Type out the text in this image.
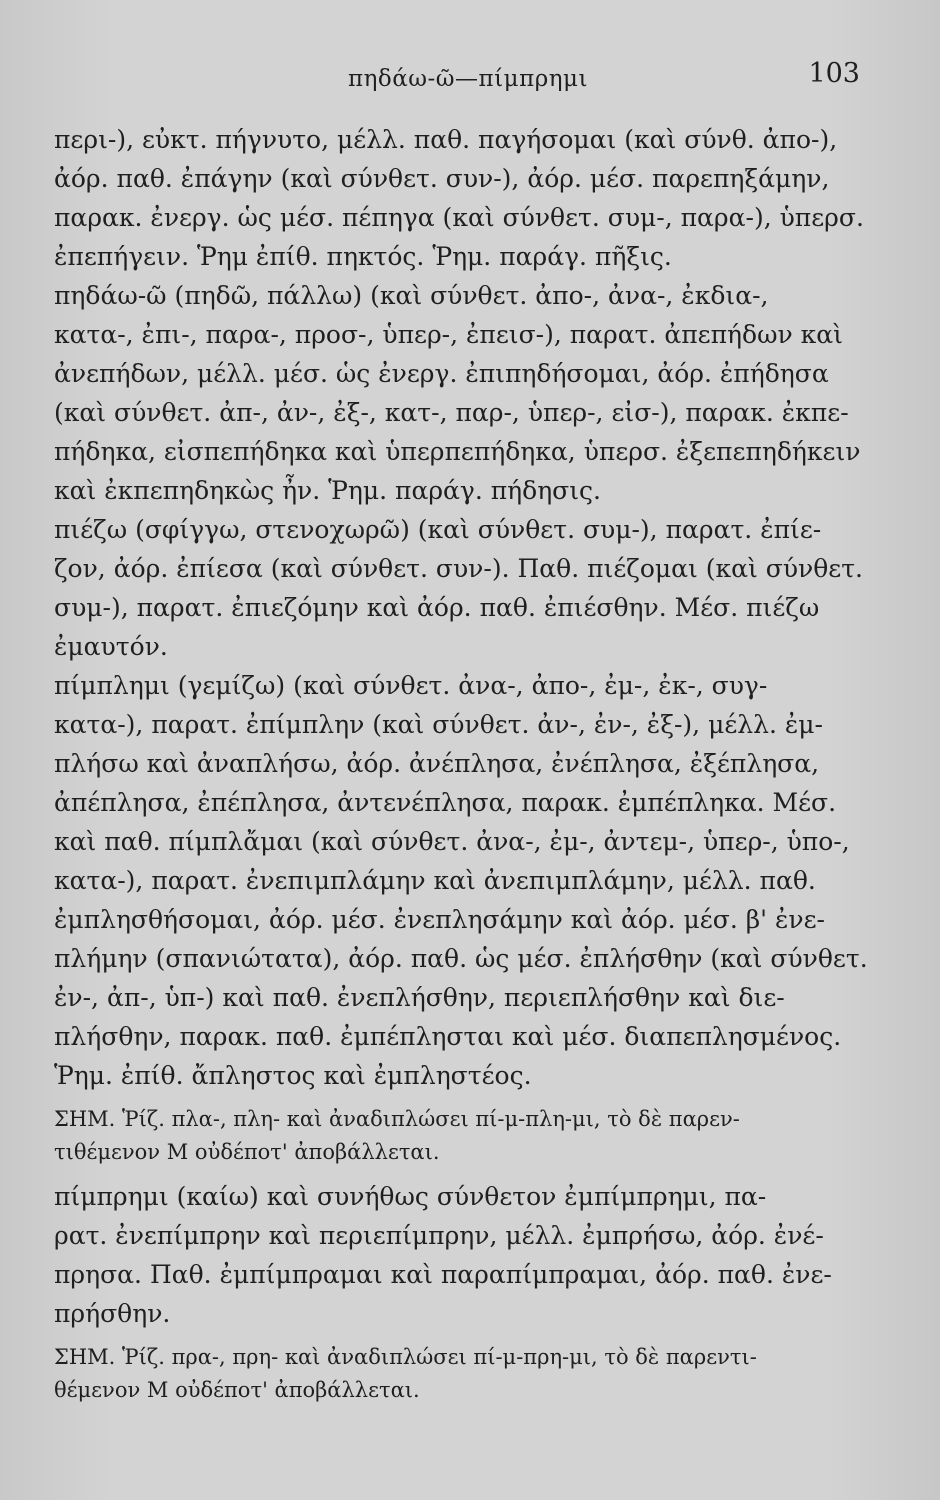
πηδάω-ῶ—πίμπρημι	103
περι-), εὐκτ. πήγνυτο, μέλλ. παθ. παγήσομαι (καὶ σύνθ. ἀπο-),
ἀόρ. παθ. ἐπάγην (καὶ σύνθετ. συν-), ἀόρ. μέσ. παρεπηξάμην,
παρακ. ἐνεργ. ὡς μέσ. πέπηγα (καὶ σύνθετ. συμ-, παρα-), ὑπερσ.
ἐπεπήγειν. Ῥημ ἐπίθ. πηκτός. Ῥημ. παράγ. πῆξις.
πηδάω-ῶ (πηδῶ, πάλλω) (καὶ σύνθετ. ἀπο-, ἀνα-, ἐκδια-,
κατα-, ἐπι-, παρα-, προσ-, ὑπερ-, ἐπεισ-), παρατ. ἀπεπήδων καὶ
ἀνεπήδων, μέλλ. μέσ. ὡς ἐνεργ. ἐπιπηδήσομαι, ἀόρ. ἐπήδησα
(καὶ σύνθετ. ἀπ-, ἀν-, ἐξ-, κατ-, παρ-, ὑπερ-, εἰσ-), παρακ. ἐκπε-
πήδηκα, εἰσπεπήδηκα καὶ ὑπερπεπήδηκα, ὑπερσ. ἐξεπεπηδήκειν
καὶ ἐκπεπηδηκὼς ἦν. Ῥημ. παράγ. πήδησις.
πιέζω (σφίγγω, στενοχωρῶ) (καὶ σύνθετ. συμ-), παρατ. ἐπίε-
ζον, ἀόρ. ἐπίεσα (καὶ σύνθετ. συν-). Παθ. πιέζομαι (καὶ σύνθετ.
συμ-), παρατ. ἐπιεζόμην καὶ ἀόρ. παθ. ἐπιέσθην. Μέσ. πιέζω
ἐμαυτόν.
πίμπλημι (γεμίζω) (καὶ σύνθετ. ἀνα-, ἀπο-, ἐμ-, ἐκ-, συγ-
κατα-), παρατ. ἐπίμπλην (καὶ σύνθετ. ἀν-, ἐν-, ἐξ-), μέλλ. ἐμ-
πλήσω καὶ ἀναπλήσω, ἀόρ. ἀνέπλησα, ἐνέπλησα, ἐξέπλησα,
ἀπέπλησα, ἐπέπλησα, ἀντενέπλησα, παρακ. ἐμπέπληκα. Μέσ.
καὶ παθ. πίμπλἄμαι (καὶ σύνθετ. ἀνα-, ἐμ-, ἀντεμ-, ὑπερ-, ὑπο-,
κατα-), παρατ. ἐνεπιμπλάμην καὶ ἀνεπιμπλάμην, μέλλ. παθ.
ἐμπλησθήσομαι, ἀόρ. μέσ. ἐνεπλησάμην καὶ ἀόρ. μέσ. β' ἐνε-
πλήμην (σπανιώτατα), ἀόρ. παθ. ὡς μέσ. ἐπλήσθην (καὶ σύνθετ.
ἐν-, ἀπ-, ὑπ-) καὶ παθ. ἐνεπλήσθην, περιεπλήσθην καὶ διε-
πλήσθην, παρακ. παθ. ἐμπέπλησται καὶ μέσ. διαπεπλησμένος.
Ῥημ. ἐπίθ. ἄπληστος καὶ ἐμπληστέος.
ΣΗΜ. Ῥίζ. πλα-, πλη- καὶ ἀναδιπλώσει πί-μ-πλη-μι, τὸ δὲ παρεν-
τιθέμενον Μ οὐδέποτ' ἀποβάλλεται.
πίμπρημι (καίω) καὶ συνήθως σύνθετον ἐμπίμπρημι, πα-
ρατ. ἐνεπίμπρην καὶ περιεπίμπρην, μέλλ. ἐμπρήσω, ἀόρ. ἐνέ-
πρησα. Παθ. ἐμπίμπραμαι καὶ παραπίμπραμαι, ἀόρ. παθ. ἐνε-
πρήσθην.
ΣΗΜ. Ῥίζ. πρα-, πρη- καὶ ἀναδιπλώσει πί-μ-πρη-μι, τὸ δὲ παρεντι-
θέμενον Μ οὐδέποτ' ἀποβάλλεται.
